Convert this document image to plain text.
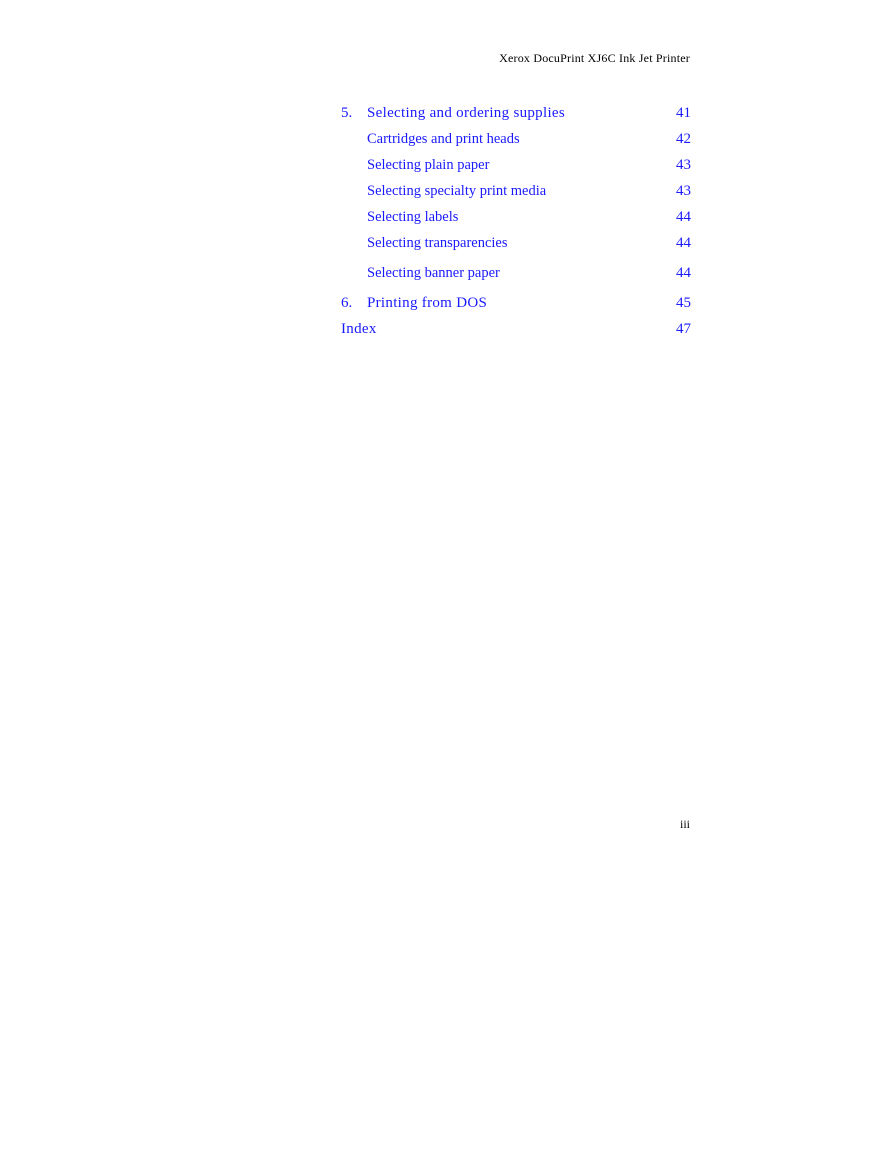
Xerox DocuPrint XJ6C Ink Jet Printer
5. Selecting and ordering supplies	41
Cartridges and print heads	42
Selecting plain paper	43
Selecting specialty print media	43
Selecting labels	44
Selecting transparencies	44
Selecting banner paper	44
6. Printing from DOS	45
Index	47
iii
